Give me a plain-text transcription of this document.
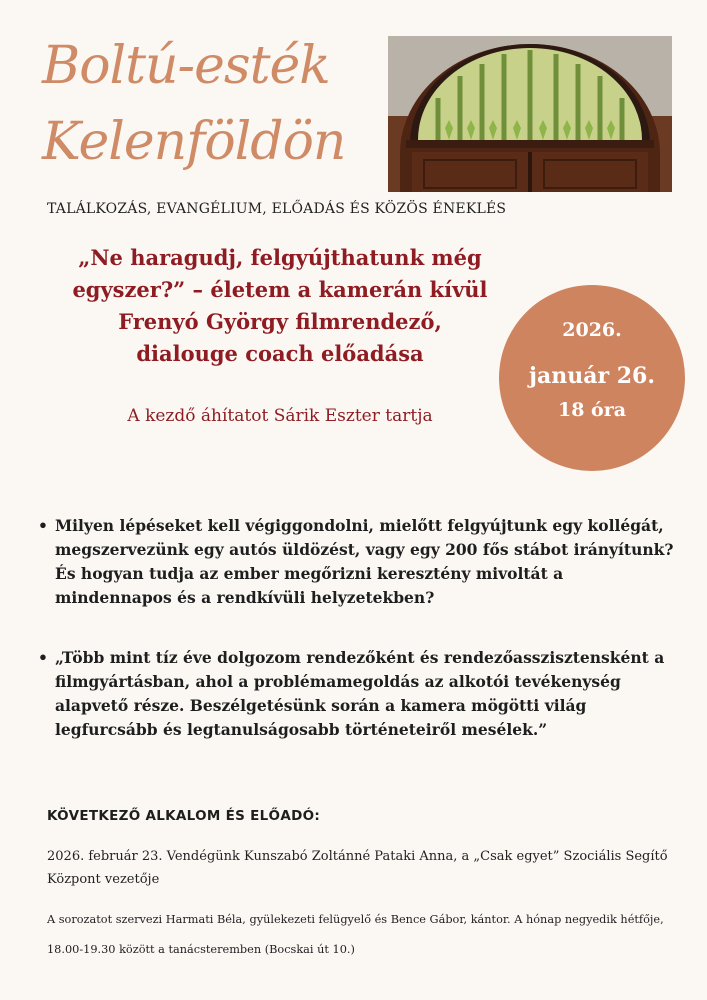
Boltú-esték
Kelenföldön
TALÁLKOZÁS, EVANGÉLIUM, ELŐADÁS ÉS KÖZÖS ÉNEKLÉS
„Ne haragudj, felgyújthatunk még
egyszer?” – életem a kamerán kívül
Frenyó György filmrendező,
dialouge coach előadása
A kezdő áhítatot Sárik Eszter tartja
2026.
január 26.
18 óra
• Milyen lépéseket kell végiggondolni, mielőtt felgyújtunk egy kollégát, megszervezünk egy autós üldözést, vagy egy 200 fős stábot irányítunk? És hogyan tudja az ember megőrizni keresztény mivoltát a mindennapos és a rendkívüli helyzetekben?
• „Több mint tíz éve dolgozom rendezőként és rendezőasszisztensként a filmgyártásban, ahol a problémamegoldás az alkotói tevékenység alapvető része. Beszélgetésünk során a kamera mögötti világ legfurcsább és legtanulságosabb történeteiről mesélek.”
KÖVETKEZŐ ALKALOM ÉS ELŐADÓ:
2026. február 23. Vendégünk Kunszabó Zoltánné Pataki Anna, a „Csak egyet” Szociális Segítő Központ vezetője
A sorozatot szervezi Harmati Béla, gyülekezeti felügyelő és Bence Gábor, kántor. A hónap negyedik hétfője, 18.00-19.30 között a tanácsteremben (Bocskai út 10.)
